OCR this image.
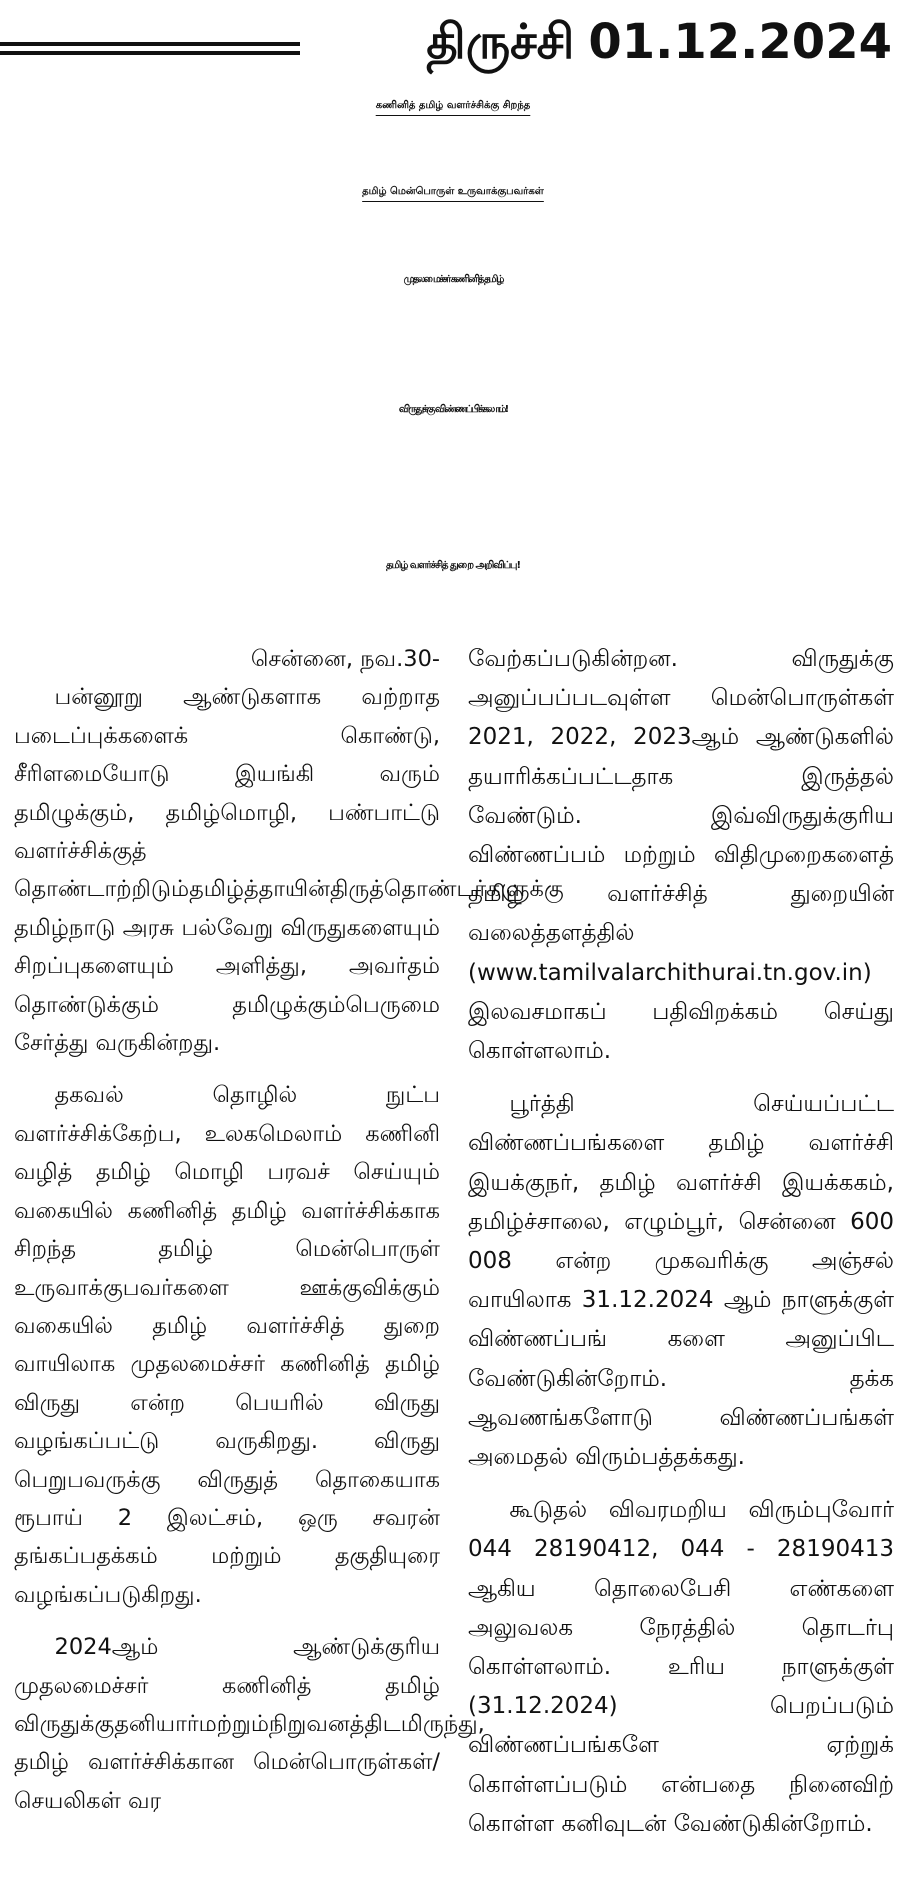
திருச்சி 01.12.2024
கணினித் தமிழ் வளர்ச்சிக்கு சிறந்த
தமிழ் மென்பொருள் உருவாக்குபவர்கள்
முதலமைச்சர் கணினித் தமிழ்
விருதுக்கு விண்ணப்பிக்கலாம்!
தமிழ் வளர்ச்சித் துறை அறிவிப்பு!

சென்னை, நவ.30-

பன்னூறு ஆண்டுகளாக வற்றாத படைப்புக்களைக் கொண்டு, சீரிளமையோடு இயங்கி வரும் தமிழுக்கும், தமிழ்மொழி, பண்பாட்டு வளர்ச்சிக்குத் தொண்டாற்றிடும்தமிழ்த்தாயின்திருத்தொண்டர்களுக்கு தமிழ்நாடு அரசு பல்வேறு விருதுகளையும் சிறப்புகளையும் அளித்து, அவர்தம் தொண்டுக்கும் தமிழுக்கும்பெருமை சேர்த்து வருகின்றது.

தகவல் தொழில் நுட்ப வளர்ச்சிக்கேற்ப, உலகமெலாம் கணினி வழித் தமிழ் மொழி பரவச் செய்யும் வகையில் கணினித் தமிழ் வளர்ச்சிக்காக சிறந்த தமிழ் மென்பொருள் உருவாக்குபவர்களை ஊக்குவிக்கும் வகையில் தமிழ் வளர்ச்சித் துறை வாயிலாக முதலமைச்சர் கணினித் தமிழ் விருது என்ற பெயரில் விருது வழங்கப்பட்டு வருகிறது. விருது பெறுபவருக்கு விருதுத் தொகையாக ரூபாய் 2 இலட்சம், ஒரு சவரன் தங்கப்பதக்கம் மற்றும் தகுதியுரை வழங்கப்படுகிறது.

2024ஆம் ஆண்டுக்குரிய முதலமைச்சர் கணினித் தமிழ் விருதுக்குதனியார்மற்றும்நிறுவனத்திடமிருந்து, தமிழ் வளர்ச்சிக்கான மென்பொருள்கள்/செயலிகள் வர

வேற்கப்படுகின்றன. விருதுக்கு அனுப்பப்படவுள்ள மென்பொருள்கள் 2021, 2022, 2023ஆம் ஆண்டுகளில் தயாரிக்கப்பட்டதாக இருத்தல் வேண்டும். இவ்விருதுக்குரிய விண்ணப்பம் மற்றும் விதிமுறைகளைத் தமிழ் வளர்ச்சித் துறையின் வலைத்தளத்தில் (www.tamilvalarchithurai.tn.gov.in) இலவசமாகப் பதிவிறக்கம் செய்து கொள்ளலாம்.

பூர்த்தி செய்யப்பட்ட விண்ணப்பங்களை தமிழ் வளர்ச்சி இயக்குநர், தமிழ் வளர்ச்சி இயக்ககம், தமிழ்ச்சாலை, எழும்பூர், சென்னை 600 008 என்ற முகவரிக்கு அஞ்சல் வாயிலாக 31.12.2024 ஆம் நாளுக்குள் விண்ணப்பங் களை அனுப்பிட வேண்டுகின்றோம். தக்க ஆவணங்களோடு விண்ணப்பங்கள் அமைதல் விரும்பத்தக்கது.

கூடுதல் விவரமறிய விரும்புவோர் 044 28190412, 044 - 28190413 ஆகிய தொலைபேசி எண்களை அலுவலக நேரத்தில் தொடர்பு கொள்ளலாம். உரிய நாளுக்குள் (31.12.2024) பெறப்படும் விண்ணப்பங்களே ஏற்றுக் கொள்ளப்படும் என்பதை நினைவிற் கொள்ள கனிவுடன் வேண்டுகின்றோம்.
